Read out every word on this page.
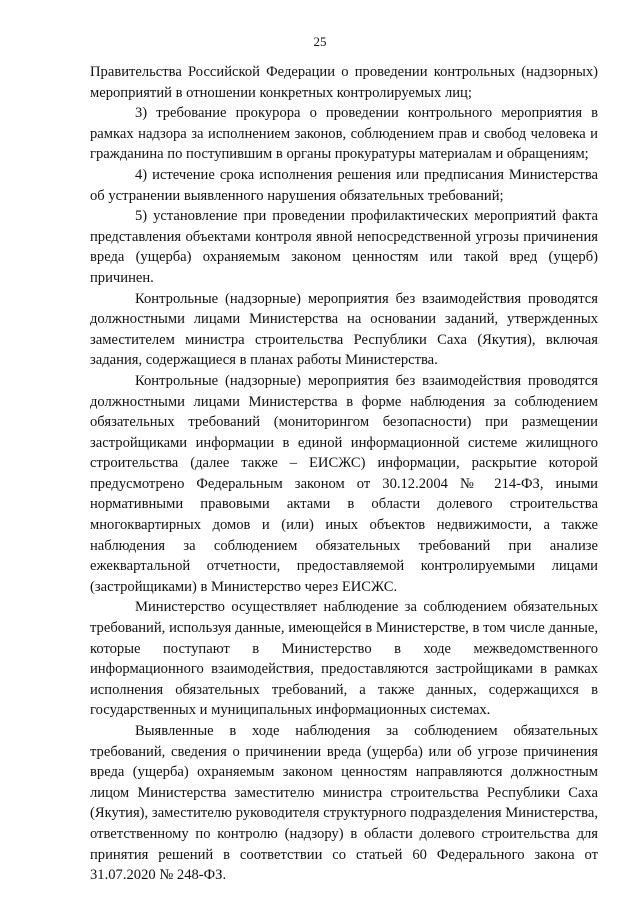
25

Правительства Российской Федерации о проведении контрольных (надзорных) мероприятий в отношении конкретных контролируемых лиц;

3) требование прокурора о проведении контрольного мероприятия в рамках надзора за исполнением законов, соблюдением прав и свобод человека и гражданина по поступившим в органы прокуратуры материалам и обращениям;

4) истечение срока исполнения решения или предписания Министерства об устранении выявленного нарушения обязательных требований;

5) установление при проведении профилактических мероприятий факта представления объектами контроля явной непосредственной угрозы причинения вреда (ущерба) охраняемым законом ценностям или такой вред (ущерб) причинен.

Контрольные (надзорные) мероприятия без взаимодействия проводятся должностными лицами Министерства на основании заданий, утвержденных заместителем министра строительства Республики Саха (Якутия), включая задания, содержащиеся в планах работы Министерства.

Контрольные (надзорные) мероприятия без взаимодействия проводятся должностными лицами Министерства в форме наблюдения за соблюдением обязательных требований (мониторингом безопасности) при размещении застройщиками информации в единой информационной системе жилищного строительства (далее также – ЕИСЖС) информации, раскрытие которой предусмотрено Федеральным законом от 30.12.2004 № 214-ФЗ, иными нормативными правовыми актами в области долевого строительства многоквартирных домов и (или) иных объектов недвижимости, а также наблюдения за соблюдением обязательных требований при анализе ежеквартальной отчетности, предоставляемой контролируемыми лицами (застройщиками) в Министерство через ЕИСЖС.

Министерство осуществляет наблюдение за соблюдением обязательных требований, используя данные, имеющейся в Министерстве, в том числе данные, которые поступают в Министерство в ходе межведомственного информационного взаимодействия, предоставляются застройщиками в рамках исполнения обязательных требований, а также данных, содержащихся в государственных и муниципальных информационных системах.

Выявленные в ходе наблюдения за соблюдением обязательных требований, сведения о причинении вреда (ущерба) или об угрозе причинения вреда (ущерба) охраняемым законом ценностям направляются должностным лицом Министерства заместителю министра строительства Республики Саха (Якутия), заместителю руководителя структурного подразделения Министерства, ответственному по контролю (надзору) в области долевого строительства для принятия решений в соответствии со статьей 60 Федерального закона от 31.07.2020 № 248-ФЗ.
